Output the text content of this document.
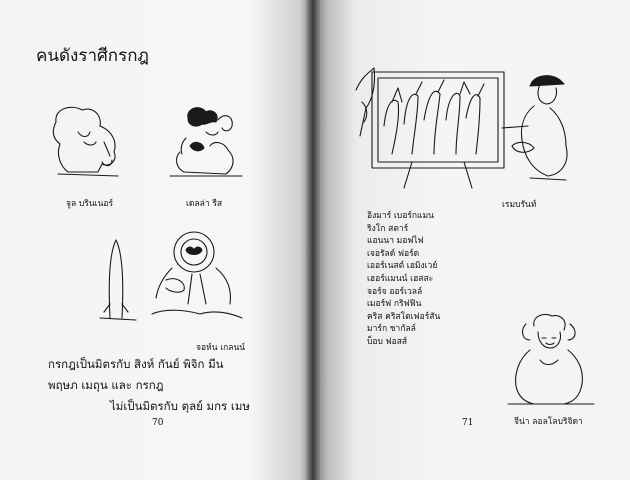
คนดังราศีกรกฎ
จูล บรินเนอร์	เดลล่า รีส
จอห์น เกลนน์
กรกฎเป็นมิตรกับ สิงห์ กันย์ พิจิก มีน
พฤษภ เมถุน และ กรกฎ
ไม่เป็นมิตรกับ ตุลย์ มกร เมษ
70
เรมบรันท์
อิงมาร์ เบอร์กแมน
ริงโก สตาร์
แอนนา มอฟไฟ
เจอรัลด์ ฟอร์ด
เออร์เนสต์ เฮมิงเวย์
เฮอร์แมนน์ เฮสสะ
จอร์จ ออร์เวลล์
เมอร์ฟ กริฟฟิน
คริส คริสโตเฟอร์สัน
มาร์ก ชากัลล์
บ็อบ ฟอสส์
จีน่า ลอลโลบริจิดา
71
